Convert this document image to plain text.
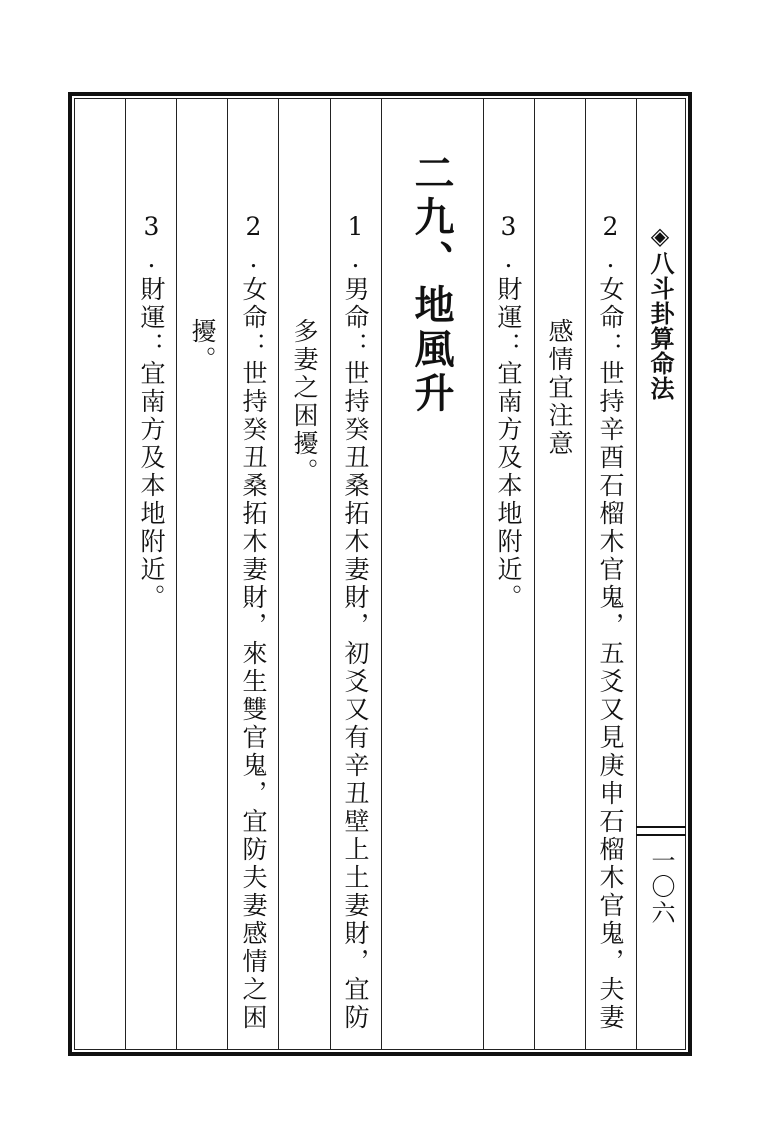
◈八斗卦算命法
一〇六
2.女命：世持辛酉石榴木官鬼，五爻又見庚申石榴木官鬼，夫妻
感情宜注意
3.財運：宜南方及本地附近。
二九、地風升
1.男命：世持癸丑桑拓木妻財，初爻又有辛丑壁上土妻財，宜防
多妻之困擾。
2.女命：世持癸丑桑拓木妻財，來生雙官鬼，宜防夫妻感情之困
擾。
3.財運：宜南方及本地附近。
